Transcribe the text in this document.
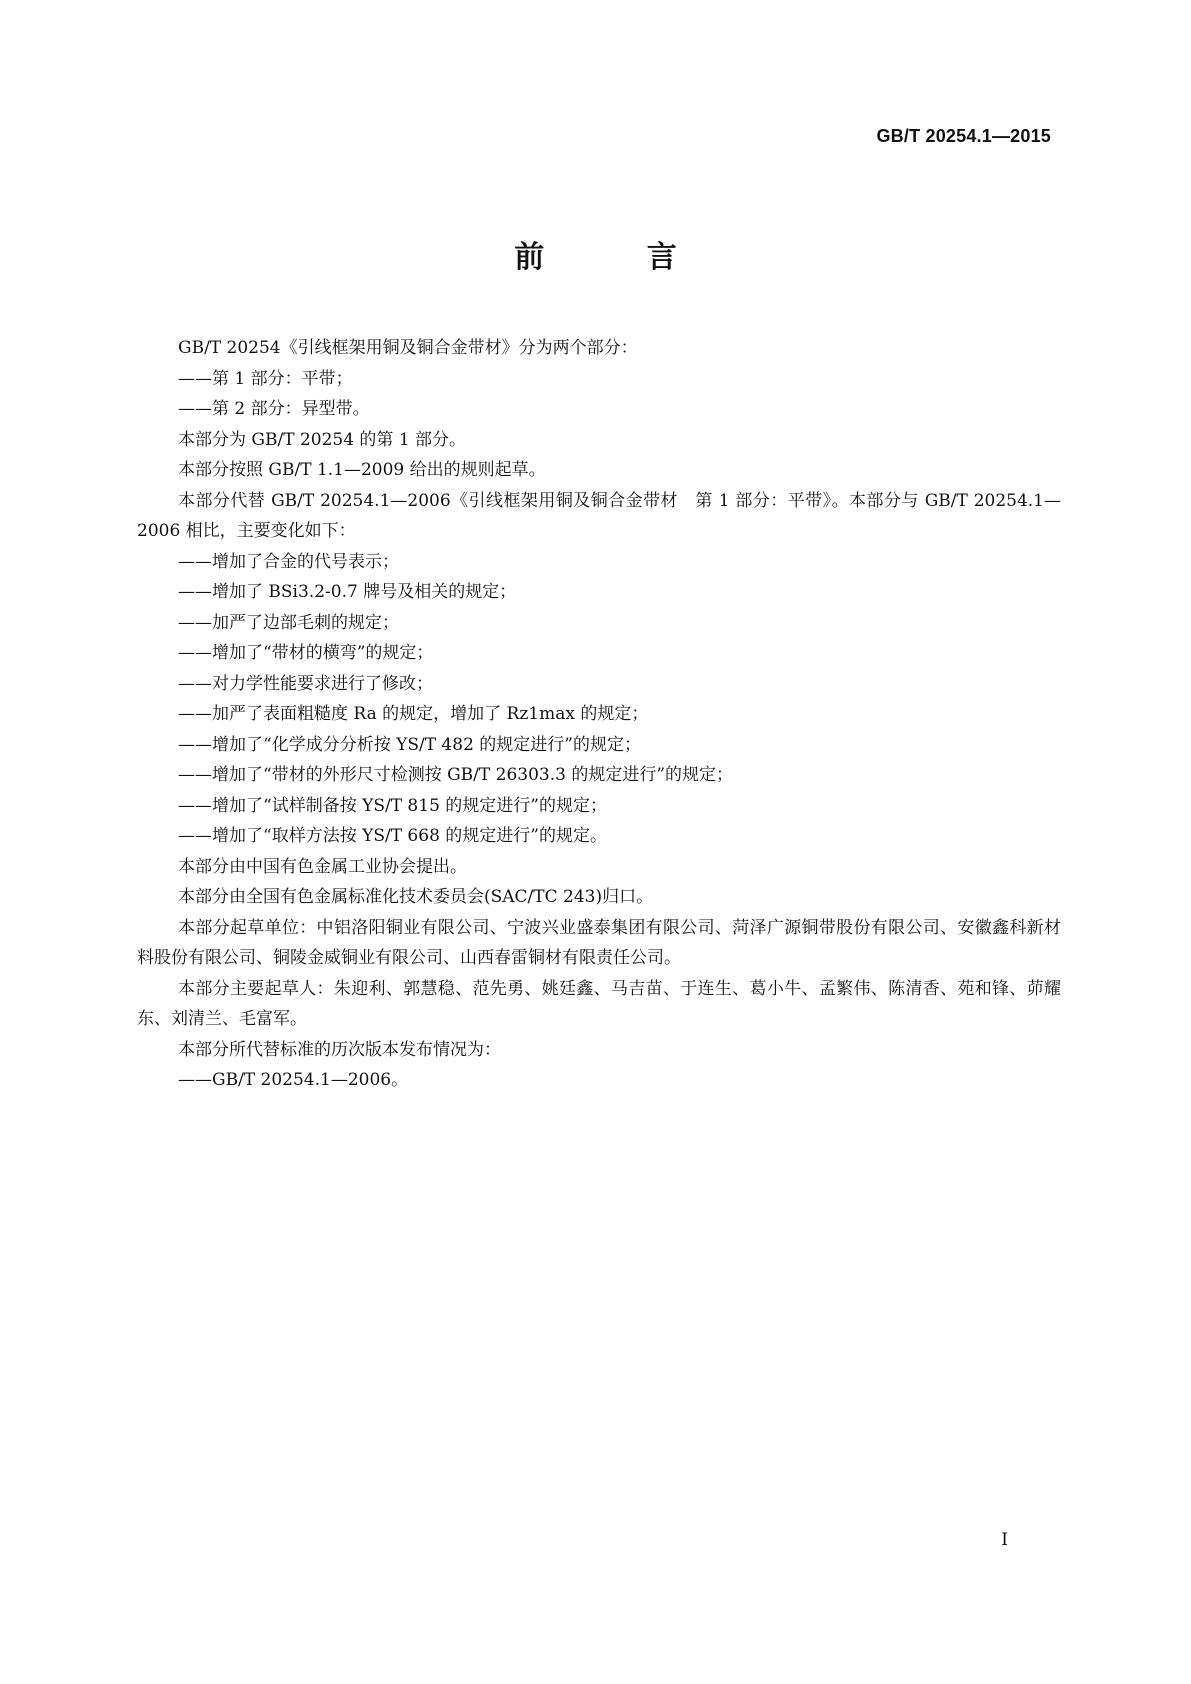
GB/T 20254.1—2015
前 言

GB/T 20254《引线框架用铜及铜合金带材》分为两个部分：

——第 1 部分：平带；

——第 2 部分：异型带。

本部分为 GB/T 20254 的第 1 部分。

本部分按照 GB/T 1.1—2009 给出的规则起草。

本部分代替 GB/T 20254.1—2006《引线框架用铜及铜合金带材　第 1 部分：平带》。本部分与 GB/T 20254.1—2006 相比，主要变化如下：

——增加了合金的代号表示；

——增加了 BSi3.2-0.7 牌号及相关的规定；

——加严了边部毛刺的规定；

——增加了“带材的横弯”的规定；

——对力学性能要求进行了修改；

——加严了表面粗糙度 Ra 的规定，增加了 Rz1max 的规定；

——增加了“化学成分分析按 YS/T 482 的规定进行”的规定；

——增加了“带材的外形尺寸检测按 GB/T 26303.3 的规定进行”的规定；

——增加了“试样制备按 YS/T 815 的规定进行”的规定；

——增加了“取样方法按 YS/T 668 的规定进行”的规定。

本部分由中国有色金属工业协会提出。

本部分由全国有色金属标准化技术委员会(SAC/TC 243)归口。

本部分起草单位：中铝洛阳铜业有限公司、宁波兴业盛泰集团有限公司、菏泽广源铜带股份有限公司、安徽鑫科新材料股份有限公司、铜陵金威铜业有限公司、山西春雷铜材有限责任公司。

本部分主要起草人：朱迎利、郭慧稳、范先勇、姚廷鑫、马吉苗、于连生、葛小牛、孟繁伟、陈清香、苑和锋、茆耀东、刘清兰、毛富军。

本部分所代替标准的历次版本发布情况为：

——GB/T 20254.1—2006。

I
